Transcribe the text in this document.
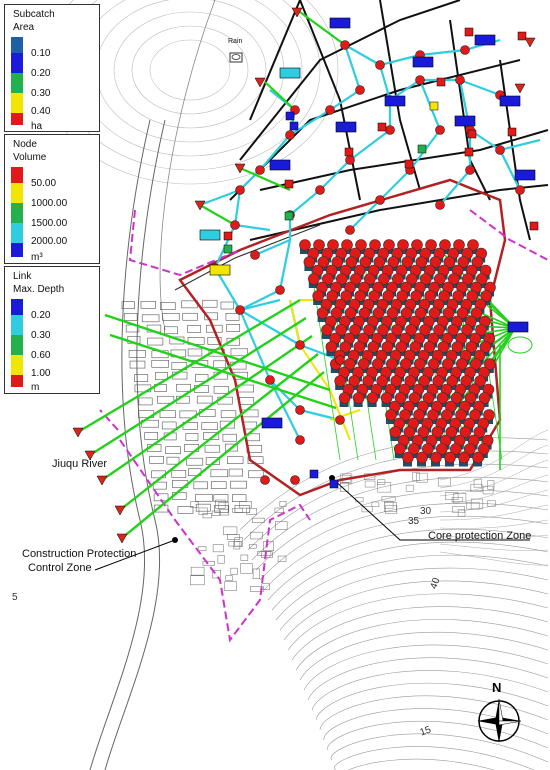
Subcatch
Area
0.10
0.20
0.30
0.40
ha
Node
Volume
50.00
1000.00
1500.00
2000.00
m³
Link
Max. Depth
0.20
0.30
0.60
1.00
m
Jiuqu River
Construction Protection
Control Zone
Core protection Zone
Rain
30
35
40
15
5
N
